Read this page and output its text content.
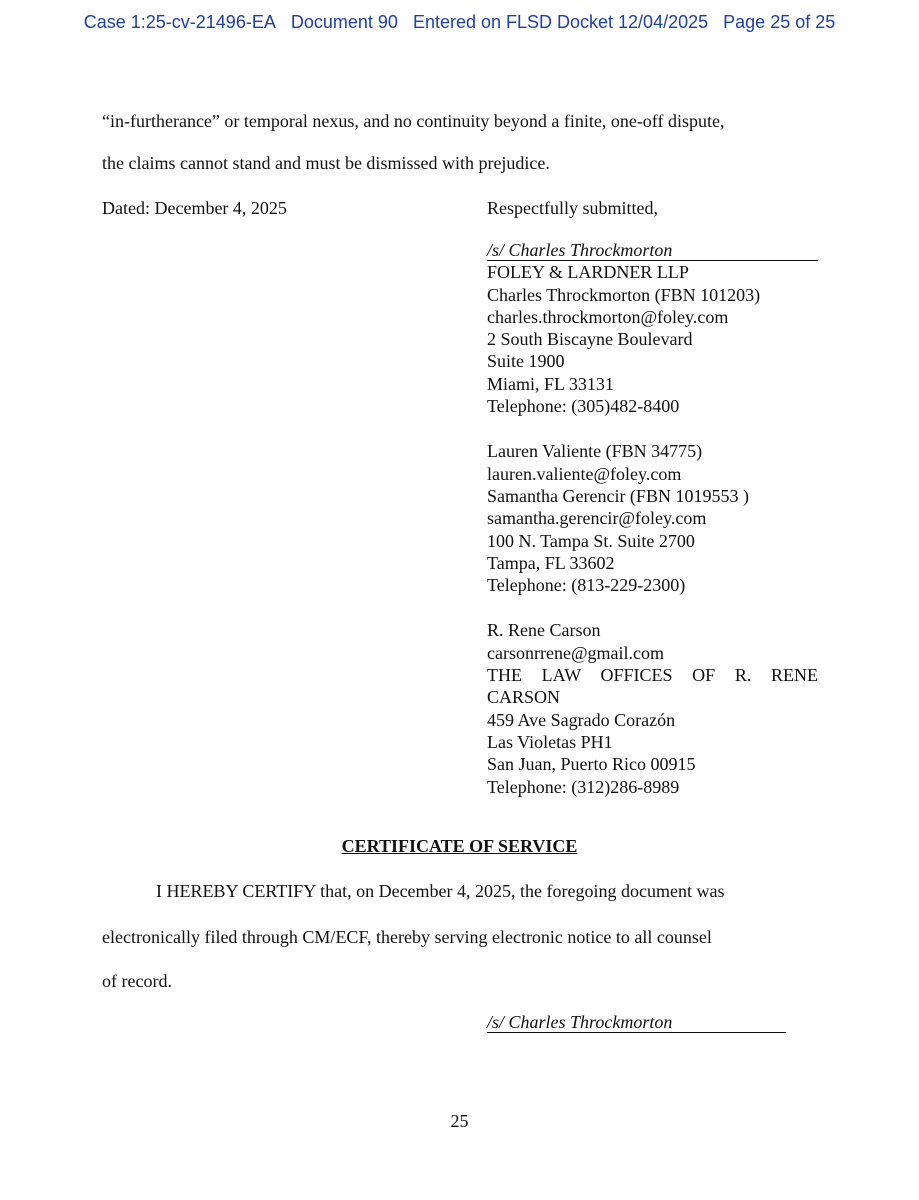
Case 1:25-cv-21496-EA Document 90 Entered on FLSD Docket 12/04/2025 Page 25 of 25
“in-furtherance” or temporal nexus, and no continuity beyond a finite, one-off dispute,
the claims cannot stand and must be dismissed with prejudice.
Dated: December 4, 2025	Respectfully submitted,
/s/ Charles Throckmorton
FOLEY & LARDNER LLP
Charles Throckmorton (FBN 101203)
charles.throckmorton@foley.com
2 South Biscayne Boulevard
Suite 1900
Miami, FL 33131
Telephone: (305)482-8400
Lauren Valiente (FBN 34775)
lauren.valiente@foley.com
Samantha Gerencir (FBN 1019553 )
samantha.gerencir@foley.com
100 N. Tampa St. Suite 2700
Tampa, FL 33602
Telephone: (813-229-2300)
R. Rene Carson
carsonrrene@gmail.com
THE LAW OFFICES OF R. RENE
CARSON
459 Ave Sagrado Corazón
Las Violetas PH1
San Juan, Puerto Rico 00915
Telephone: (312)286-8989
CERTIFICATE OF SERVICE
I HEREBY CERTIFY that, on December 4, 2025, the foregoing document was
electronically filed through CM/ECF, thereby serving electronic notice to all counsel
of record.
/s/ Charles Throckmorton
25
